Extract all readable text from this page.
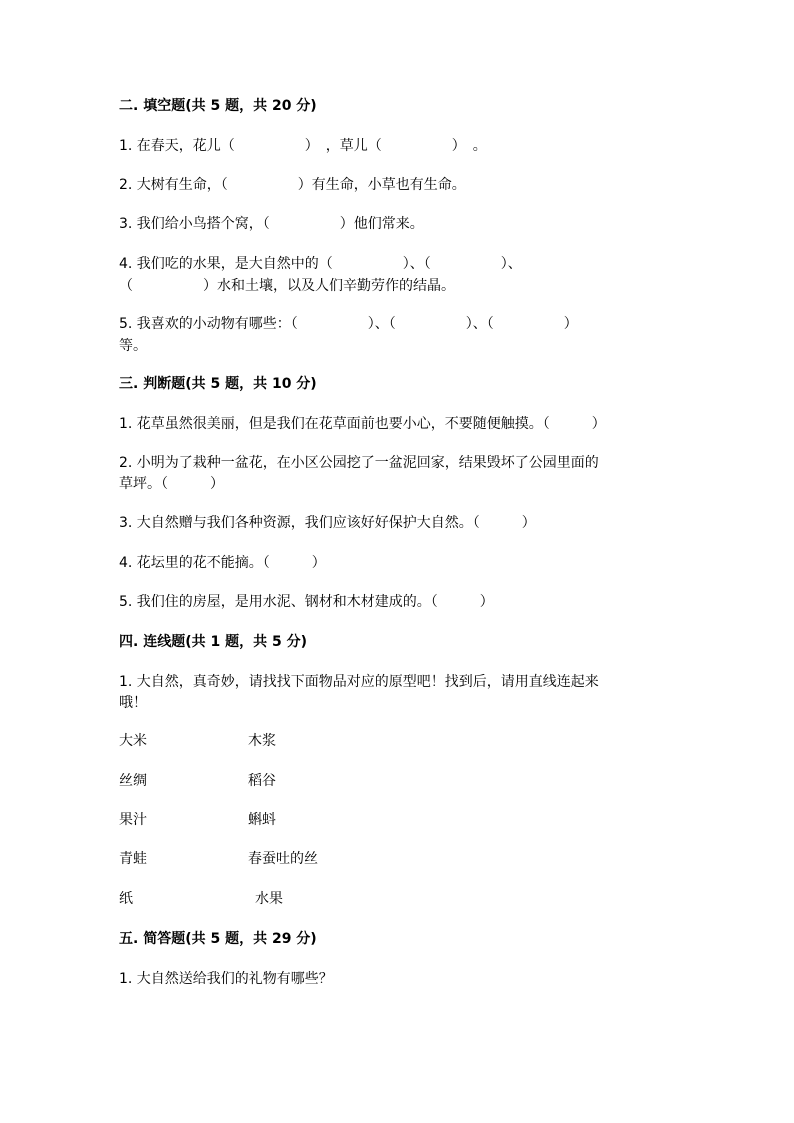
二. 填空题(共 5 题，共 20 分)
1. 在春天，花儿（　　　　　）　，草儿（　　　　　）　。
2. 大树有生命，（　　　　　）有生命，小草也有生命。
3. 我们给小鸟搭个窝，（　　　　　）他们常来。
4. 我们吃的水果，是大自然中的（　　　　　）、（　　　　　）、
（　　　　　）水和土壤，以及人们辛勤劳作的结晶。
5. 我喜欢的小动物有哪些：（　　　　　）、（　　　　　）、（　　　　　）
等。
三. 判断题(共 5 题，共 10 分)
1. 花草虽然很美丽，但是我们在花草面前也要小心，不要随便触摸。（　　　）
2. 小明为了栽种一盆花，在小区公园挖了一盆泥回家，结果毁坏了公园里面的
草坪。（　　　）
3. 大自然赠与我们各种资源，我们应该好好保护大自然。（　　　）
4. 花坛里的花不能摘。（　　　）
5. 我们住的房屋，是用水泥、钢材和木材建成的。（　　　）
四. 连线题(共 1 题，共 5 分)
1. 大自然，真奇妙，请找找下面物品对应的原型吧！找到后，请用直线连起来
哦！
大米	木浆
丝绸	稻谷
果汁	蝌蚪
青蛙	春蚕吐的丝
纸	水果
五. 简答题(共 5 题，共 29 分)
1. 大自然送给我们的礼物有哪些？
